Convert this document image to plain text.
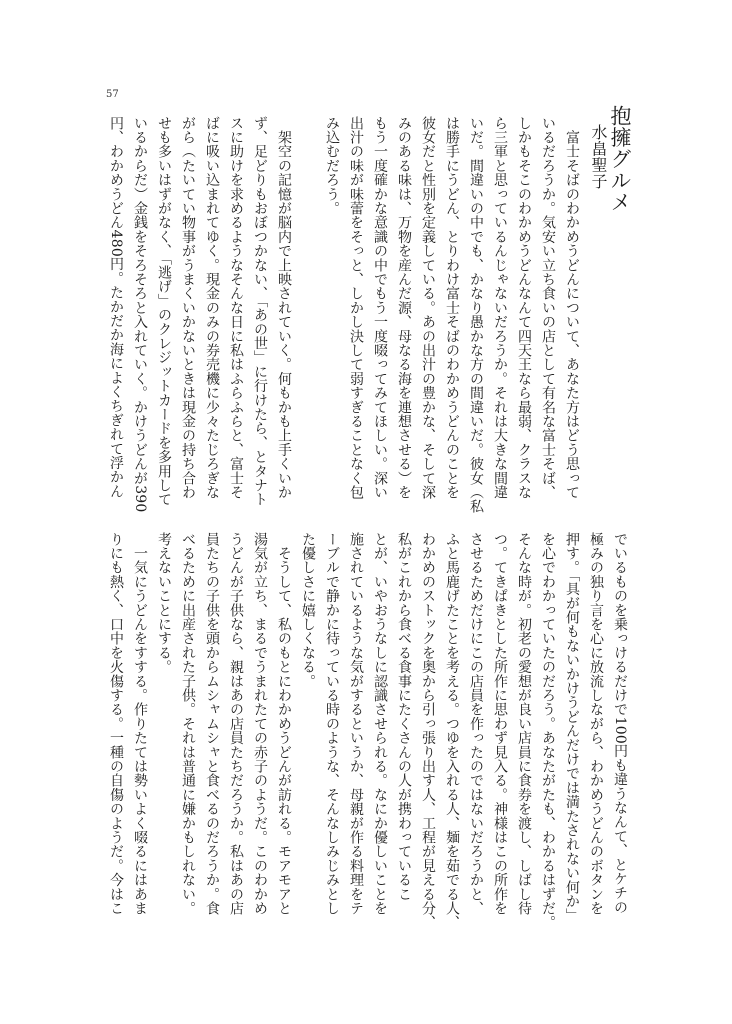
57
抱擁グルメ
水畠聖子
　富士そばのわかめうどんについて、あなた方はどう思って
いるだろうか。気安い立ち食いの店として有名な富士そば、
しかもそこのわかめうどんなんて四天王なら最弱、クラスな
ら三軍と思っているんじゃないだろうか。それは大きな間違
いだ。間違いの中でも、かなり愚かな方の間違いだ。彼女（私
は勝手にうどん、とりわけ富士そばのわかめうどんのことを
彼女だと性別を定義している。あの出汁の豊かな、そして深
みのある味は、万物を産んだ源、母なる海を連想させる）を
もう一度確かな意識の中でもう一度啜ってみてほしい。深い
出汁の味が味蕾をそっと、しかし決して弱すぎることなく包
み込むだろう。
　架空の記憶が脳内で上映されていく。何もかも上手くいか
ず、足どりもおぼつかない、「あの世」に行けたら、とタナト
スに助けを求めるようなそんな日に私はふらふらと、富士そ
ばに吸い込まれてゆく。現金のみの券売機に少々たじろぎな
がら（たいてい物事がうまくいかないときは現金の持ち合わ
せも多いはずがなく、「逃げ」のクレジットカードを多用して
いるからだ）金銭をそろそろと入れていく。かけうどんが390
円、わかめうどん480円。たかだか海によくちぎれて浮かん
でいるものを乗っけるだけで100円も違うなんて、とケチの
極みの独り言を心に放流しながら、わかめうどんのボタンを
押す。「具が何もないかけうどんだけでは満たされない何か」
を心でわかっていたのだろう。あなたがたも、わかるはずだ。
そんな時が。初老の愛想が良い店員に食券を渡し、しばし待
つ。てきぱきとした所作に思わず見入る。神様はこの所作を
させるためだけにこの店員を作ったのではないだろうかと、
ふと馬鹿げたことを考える。つゆを入れる人、麺を茹でる人、
わかめのストックを奥から引っ張り出す人、工程が見える分、
私がこれから食べる食事にたくさんの人が携わっているこ
とが、いやおうなしに認識させられる。なにか優しいことを
施されているような気がするというか、母親が作る料理をテ
ーブルで静かに待っている時のような、そんなしみじみとし
た優しさに嬉しくなる。
　そうして、私のもとにわかめうどんが訪れる。モアモアと
湯気が立ち、まるでうまれたての赤子のようだ。このわかめ
うどんが子供なら、親はあの店員たちだろうか。私はあの店
員たちの子供を頭からムシャムシャと食べるのだろうか。食
べるために出産された子供。それは普通に嫌かもしれない。
考えないことにする。
　一気にうどんをすする。作りたては勢いよく啜るにはあま
りにも熱く、口中を火傷する。一種の自傷のようだ。今はこ
